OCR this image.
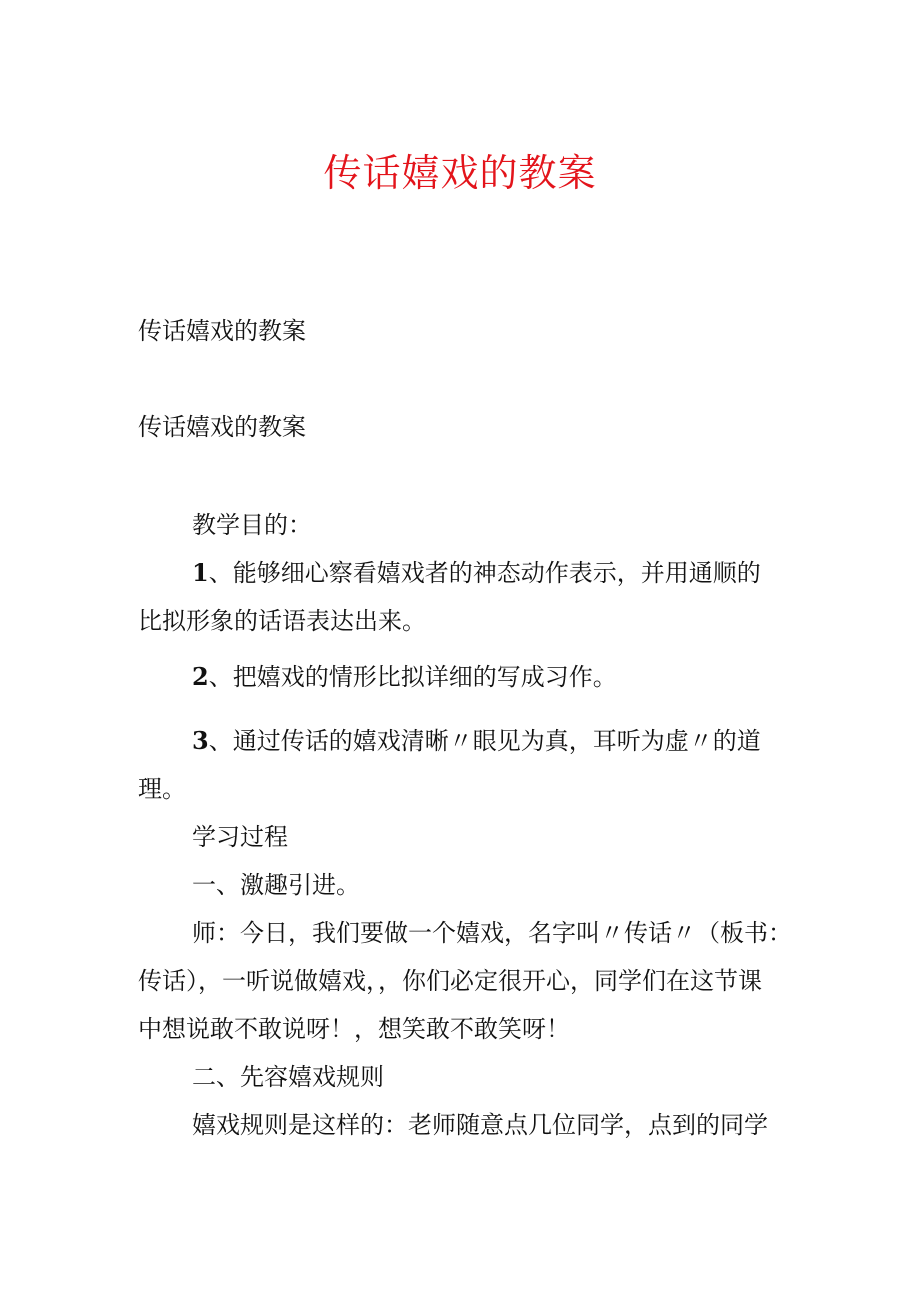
传话嬉戏的教案
传话嬉戏的教案
传话嬉戏的教案
教学目的：
1、能够细心察看嬉戏者的神态动作表示，并用通顺的
比拟形象的话语表达出来。
2、把嬉戏的情形比拟详细的写成习作。
3、通过传话的嬉戏清晰〃眼见为真，耳听为虚〃的道
理。
学习过程
一、激趣引进。
师：今日，我们要做一个嬉戏，名字叫〃传话〃（板书：
传话），一听说做嬉戏，，你们必定很开心，同学们在这节课
中想说敢不敢说呀！，想笑敢不敢笑呀！
二、先容嬉戏规则
嬉戏规则是这样的：老师随意点几位同学，点到的同学
